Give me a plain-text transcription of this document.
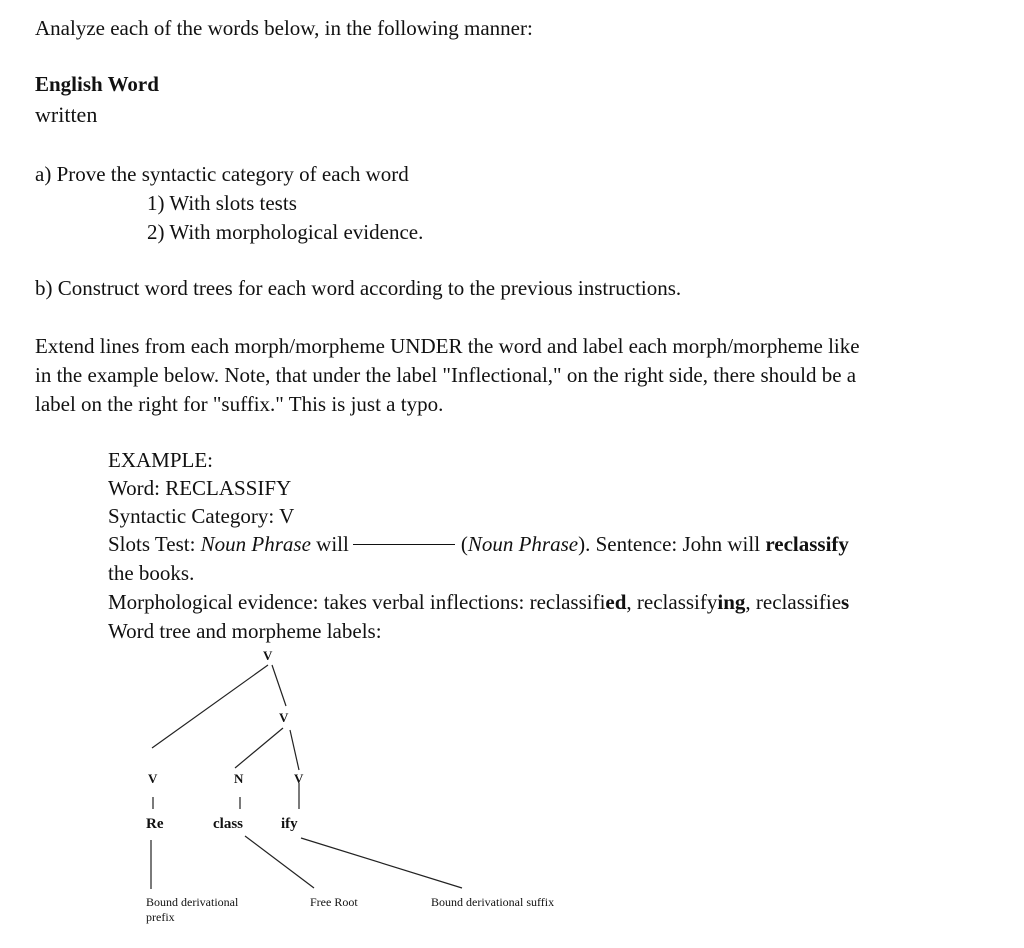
Analyze each of the words below, in the following manner:
English Word
written
a) Prove the syntactic category of each word
1) With slots tests
2) With morphological evidence.
b) Construct word trees for each word according to the previous instructions.
Extend lines from each morph/morpheme UNDER the word and label each morph/morpheme like
in the example below. Note, that under the label "Inflectional," on the right side, there should be a
label on the right for "suffix." This is just a typo.
EXAMPLE:
Word: RECLASSIFY
Syntactic Category: V
Slots Test: Noun Phrase will	(Noun Phrase). Sentence: John will reclassify
the books.
Morphological evidence: takes verbal inflections: reclassified, reclassifying, reclassifies
Word tree and morpheme labels:
V
V
V	N	V
Re	class	ify
Bound derivational
prefix
Free Root	Bound derivational suffix
